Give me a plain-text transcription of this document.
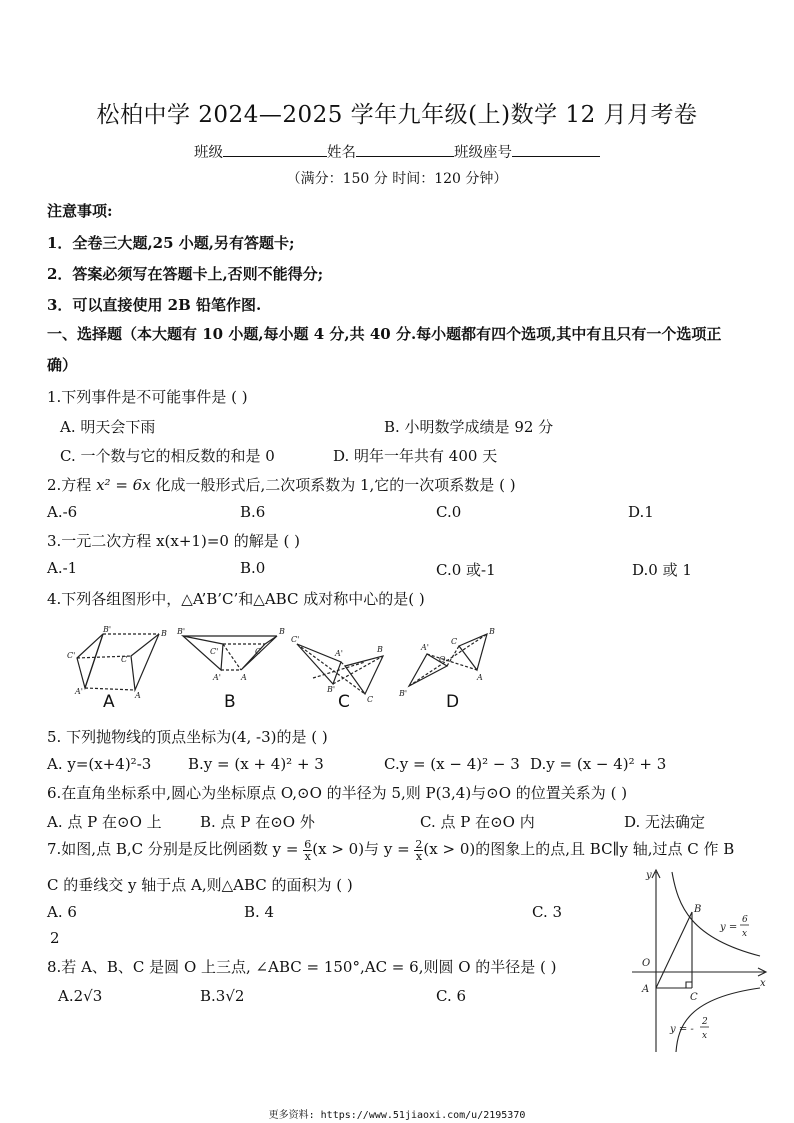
松柏中学 2024—2025 学年九年级(上)数学 12 月月考卷
班级	姓名	班级座号
（满分：150 分 时间：120 分钟）
注意事项:
1．全卷三大题,25 小题,另有答题卡;
2．答案必须写在答题卡上,否则不能得分;
3．可以直接使用 2B 铅笔作图.
一、选择题（本大题有 10 小题,每小题 4 分,共 40 分.每小题都有四个选项,其中有且只有一个选项正
确）
1.下列事件是不可能事件是 ( )
A. 明天会下雨	B. 小明数学成绩是 92 分
C. 一个数与它的相反数的和是 0	D. 明年一年共有 400 天
2.方程 x² = 6x 化成一般形式后,二次项系数为 1,它的一次项系数是 ( )
A.-6	B.6	C.0	D.1
3.一元二次方程 x(x+1)=0 的解是 ( )
A.-1	B.0	C.0 或-1	D.0 或 1
4.下列各组图形中，△A’B’C’和△ABC 成对称中心的是( )
C'
B'
A'
C
B
A
B'
C'
A'
C
B
A
C'
A'
B'
B
C
A'
O
B'
C
B
A
A	B	C	D
5. 下列抛物线的顶点坐标为(4, -3)的是 ( )
A. y=(x+4)²-3 B.y = (x + 4)² + 3	C.y = (x − 4)² − 3 D.y = (x − 4)² + 3
6.在直角坐标系中,圆心为坐标原点 O,⊙O 的半径为 5,则 P(3,4)与⊙O 的位置关系为 ( )
A. 点 P 在⊙O 上	B. 点 P 在⊙O 外	C. 点 P 在⊙O 内	D. 无法确定
7.如图,点 B,C 分别是反比例函数 $y = \frac{6}{x} (x > 0)$与 $y = \frac{2}{x} (x > 0)$的图象上的点,且 BC∥y 轴,过点 C 作 B
C 的垂线交 y 轴于点 A,则△ABC 的面积为 ( )
A. 6	B. 4	C. 3
2
8.若 A、B、C 是圆 O 上三点, ∠ABC = 150°,AC = 6,则圆 O 的半径是 ( )
A.2√3	B.3√2	C. 6
y
x
O
A
B
C
y =
6
x
y = -
2
x
更多资料: https://www.51jiaoxi.com/u/2195370
